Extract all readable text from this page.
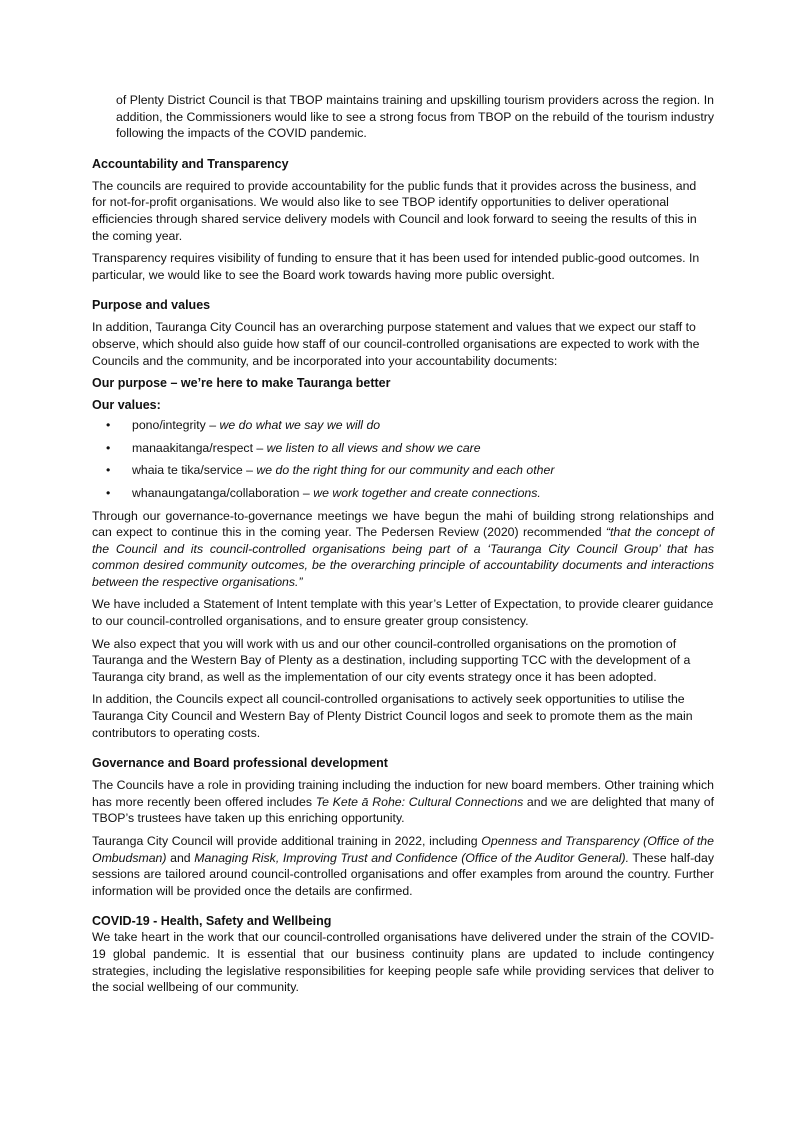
of Plenty District Council is that TBOP maintains training and upskilling tourism providers across the region. In addition, the Commissioners would like to see a strong focus from TBOP on the rebuild of the tourism industry following the impacts of the COVID pandemic.

Accountability and Transparency

The councils are required to provide accountability for the public funds that it provides across the business, and for not-for-profit organisations. We would also like to see TBOP identify opportunities to deliver operational efficiencies through shared service delivery models with Council and look forward to seeing the results of this in the coming year.

Transparency requires visibility of funding to ensure that it has been used for intended public-good outcomes. In particular, we would like to see the Board work towards having more public oversight.

Purpose and values

In addition, Tauranga City Council has an overarching purpose statement and values that we expect our staff to observe, which should also guide how staff of our council-controlled organisations are expected to work with the Councils and the community, and be incorporated into your accountability documents:

Our purpose – we’re here to make Tauranga better
Our values:
• pono/integrity – we do what we say we will do
• manaakitanga/respect – we listen to all views and show we care
• whaia te tika/service – we do the right thing for our community and each other
• whanaungatanga/collaboration – we work together and create connections.

Through our governance-to-governance meetings we have begun the mahi of building strong relationships and can expect to continue this in the coming year. The Pedersen Review (2020) recommended “that the concept of the Council and its council-controlled organisations being part of a ‘Tauranga City Council Group’ that has common desired community outcomes, be the overarching principle of accountability documents and interactions between the respective organisations.”

We have included a Statement of Intent template with this year’s Letter of Expectation, to provide clearer guidance to our council-controlled organisations, and to ensure greater group consistency.

We also expect that you will work with us and our other council-controlled organisations on the promotion of Tauranga and the Western Bay of Plenty as a destination, including supporting TCC with the development of a Tauranga city brand, as well as the implementation of our city events strategy once it has been adopted.

In addition, the Councils expect all council-controlled organisations to actively seek opportunities to utilise the Tauranga City Council and Western Bay of Plenty District Council logos and seek to promote them as the main contributors to operating costs.

Governance and Board professional development

The Councils have a role in providing training including the induction for new board members. Other training which has more recently been offered includes Te Kete ā Rohe: Cultural Connections and we are delighted that many of TBOP’s trustees have taken up this enriching opportunity.

Tauranga City Council will provide additional training in 2022, including Openness and Transparency (Office of the Ombudsman) and Managing Risk, Improving Trust and Confidence (Office of the Auditor General). These half-day sessions are tailored around council-controlled organisations and offer examples from around the country. Further information will be provided once the details are confirmed.

COVID-19 - Health, Safety and Wellbeing

We take heart in the work that our council-controlled organisations have delivered under the strain of the COVID-19 global pandemic. It is essential that our business continuity plans are updated to include contingency strategies, including the legislative responsibilities for keeping people safe while providing services that deliver to the social wellbeing of our community.
